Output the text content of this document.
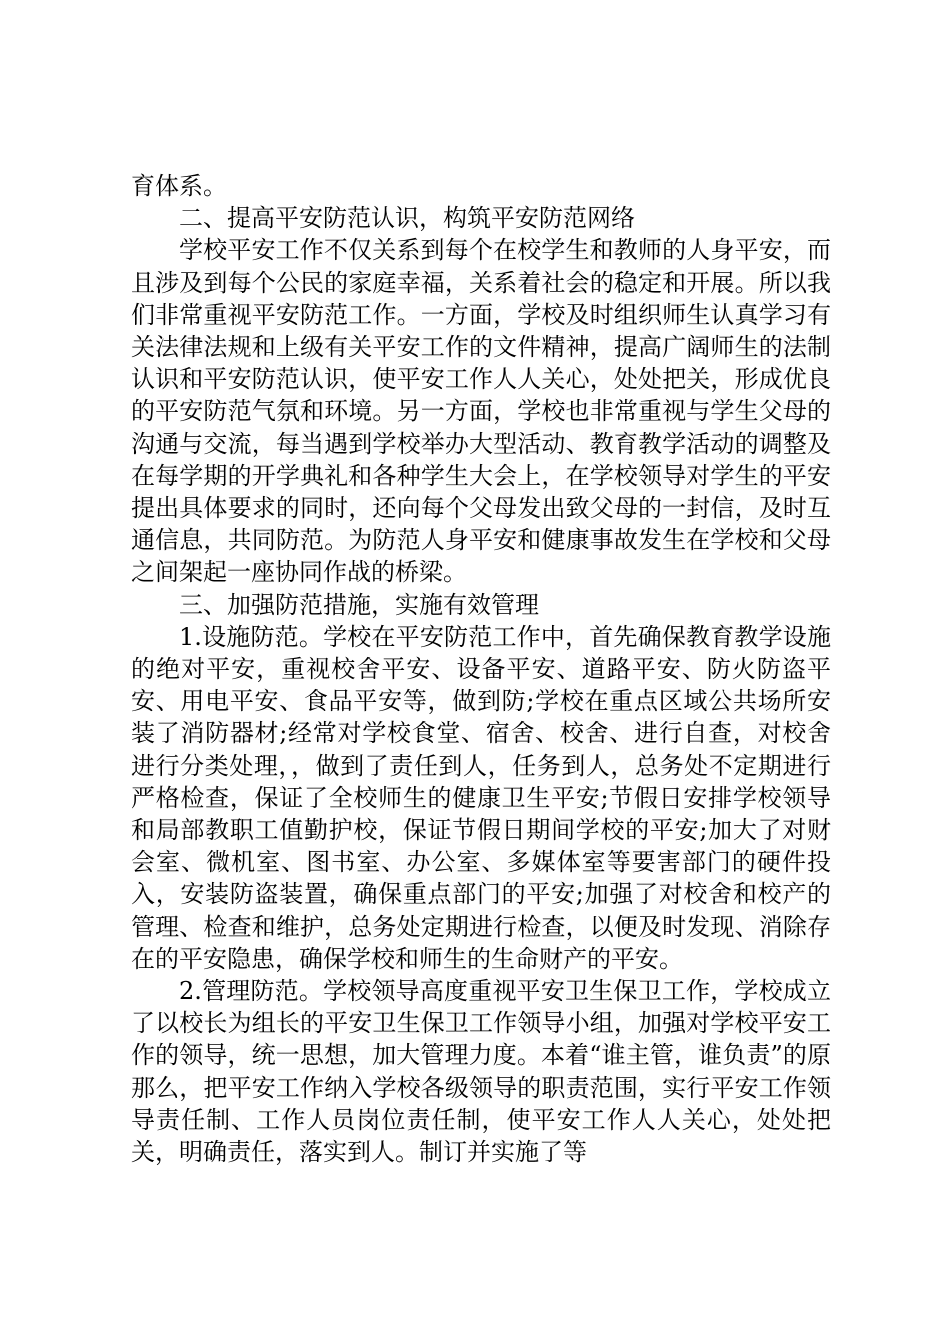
育体系。

二、提高平安防范认识，构筑平安防范网络

学校平安工作不仅关系到每个在校学生和教师的人身平安，而且涉及到每个公民的家庭幸福，关系着社会的稳定和开展。所以我们非常重视平安防范工作。一方面，学校及时组织师生认真学习有关法律法规和上级有关平安工作的文件精神，提高广阔师生的法制认识和平安防范认识，使平安工作人人关心，处处把关，形成优良的平安防范气氛和环境。另一方面，学校也非常重视与学生父母的沟通与交流，每当遇到学校举办大型活动、教育教学活动的调整及在每学期的开学典礼和各种学生大会上，在学校领导对学生的平安提出具体要求的同时，还向每个父母发出致父母的一封信，及时互通信息，共同防范。为防范人身平安和健康事故发生在学校和父母之间架起一座协同作战的桥梁。

三、加强防范措施，实施有效管理

1.设施防范。学校在平安防范工作中，首先确保教育教学设施的绝对平安，重视校舍平安、设备平安、道路平安、防火防盗平安、用电平安、食品平安等，做到防;学校在重点区域公共场所安装了消防器材;经常对学校食堂、宿舍、校舍、进行自查，对校舍进行分类处理，，做到了责任到人，任务到人，总务处不定期进行严格检查，保证了全校师生的健康卫生平安;节假日安排学校领导和局部教职工值勤护校，保证节假日期间学校的平安;加大了对财会室、微机室、图书室、办公室、多媒体室等要害部门的硬件投入，安装防盗装置，确保重点部门的平安;加强了对校舍和校产的管理、检查和维护，总务处定期进行检查，以便及时发现、消除存在的平安隐患，确保学校和师生的生命财产的平安。

2.管理防范。学校领导高度重视平安卫生保卫工作，学校成立了以校长为组长的平安卫生保卫工作领导小组，加强对学校平安工作的领导，统一思想，加大管理力度。本着“谁主管，谁负责”的原那么，把平安工作纳入学校各级领导的职责范围，实行平安工作领导责任制、工作人员岗位责任制，使平安工作人人关心，处处把关，明确责任，落实到人。制订并实施了等
